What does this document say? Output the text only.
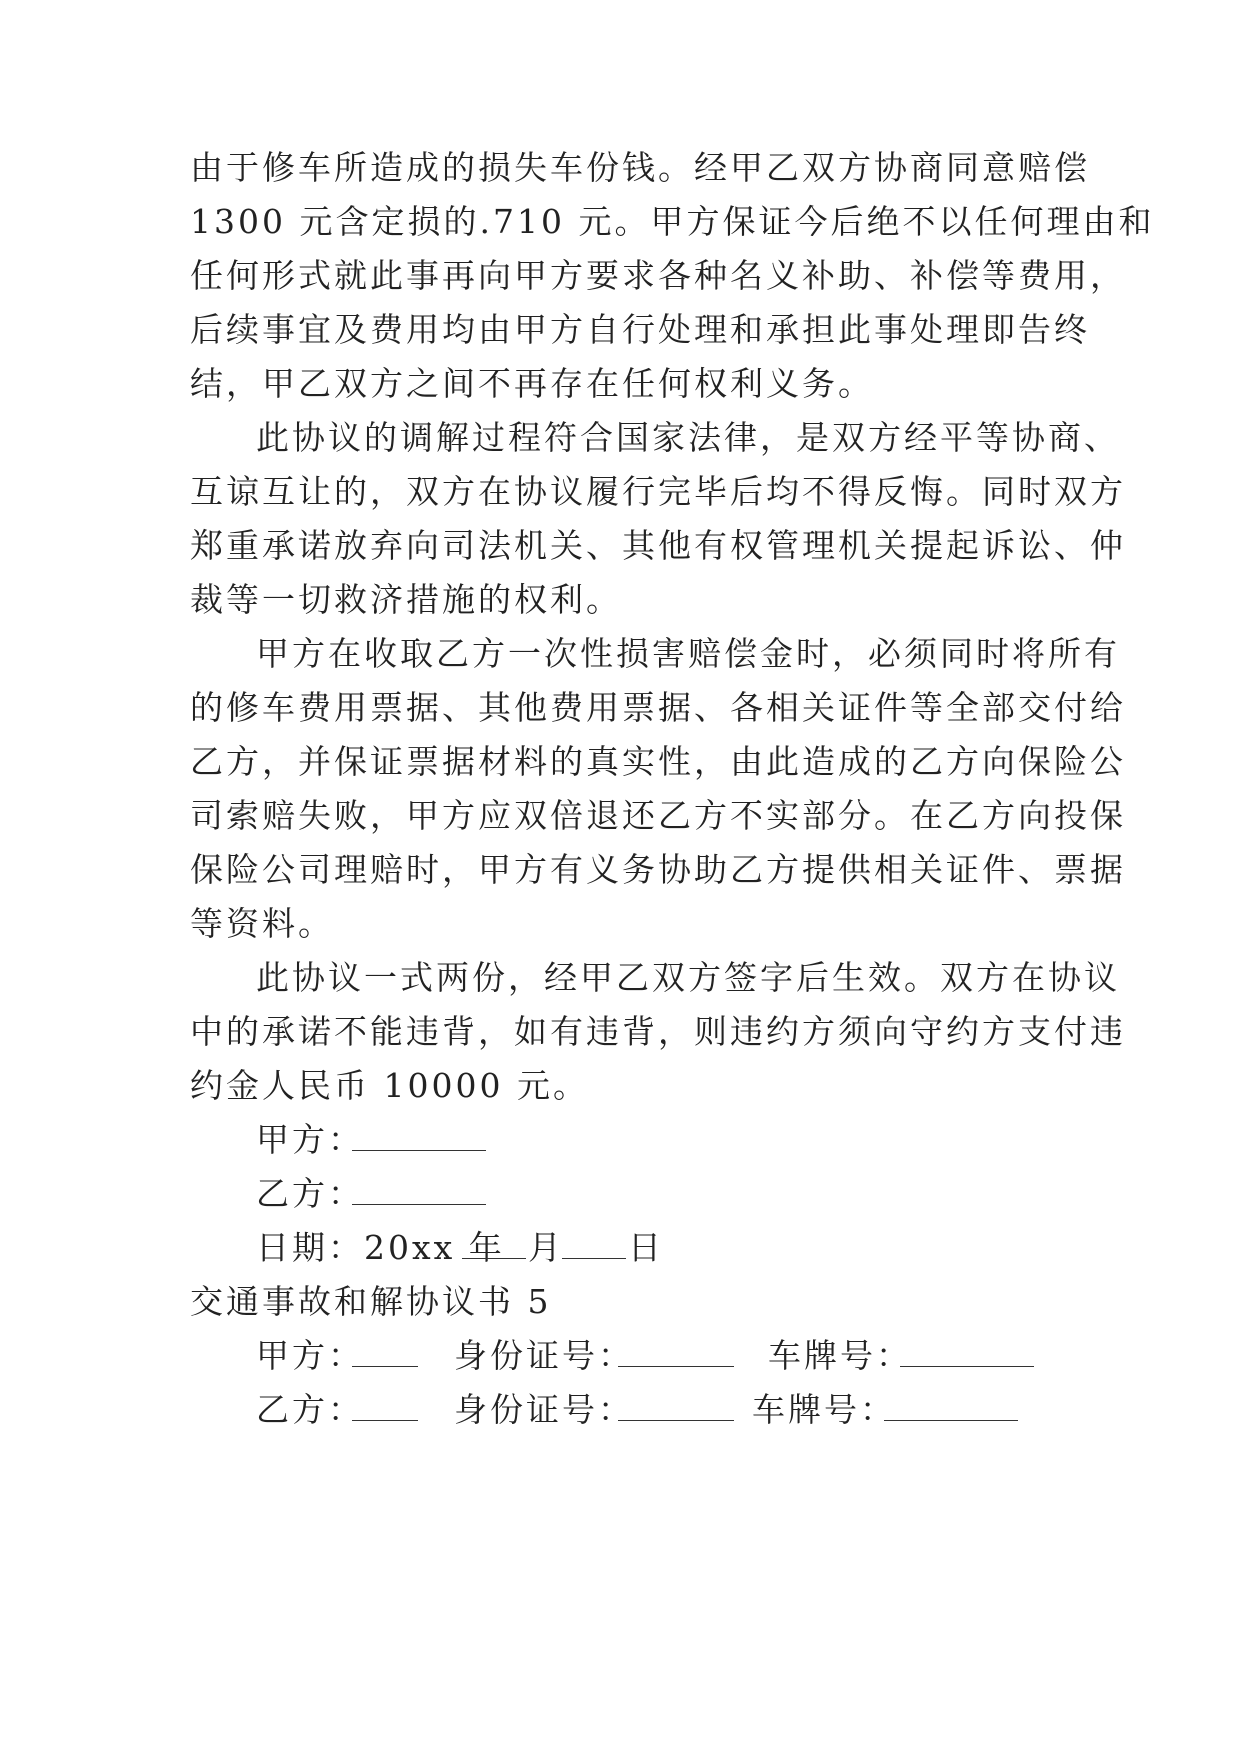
由于修车所造成的损失车份钱。经甲乙双方协商同意赔偿
1300 元含定损的.710 元。甲方保证今后绝不以任何理由和
任何形式就此事再向甲方要求各种名义补助、补偿等费用，
后续事宜及费用均由甲方自行处理和承担此事处理即告终
结，甲乙双方之间不再存在任何权利义务。
此协议的调解过程符合国家法律，是双方经平等协商、
互谅互让的，双方在协议履行完毕后均不得反悔。同时双方
郑重承诺放弃向司法机关、其他有权管理机关提起诉讼、仲
裁等一切救济措施的权利。
甲方在收取乙方一次性损害赔偿金时，必须同时将所有
的修车费用票据、其他费用票据、各相关证件等全部交付给
乙方，并保证票据材料的真实性，由此造成的乙方向保险公
司索赔失败，甲方应双倍退还乙方不实部分。在乙方向投保
保险公司理赔时，甲方有义务协助乙方提供相关证件、票据
等资料。
此协议一式两份，经甲乙双方签字后生效。双方在协议
中的承诺不能违背，如有违背，则违约方须向守约方支付违
约金人民币 10000 元。
甲方：
乙方：
日期：20xx 年 月 日
交通事故和解协议书 5
甲方：	身份证号：	车牌号：
乙方：	身份证号：	车牌号：
